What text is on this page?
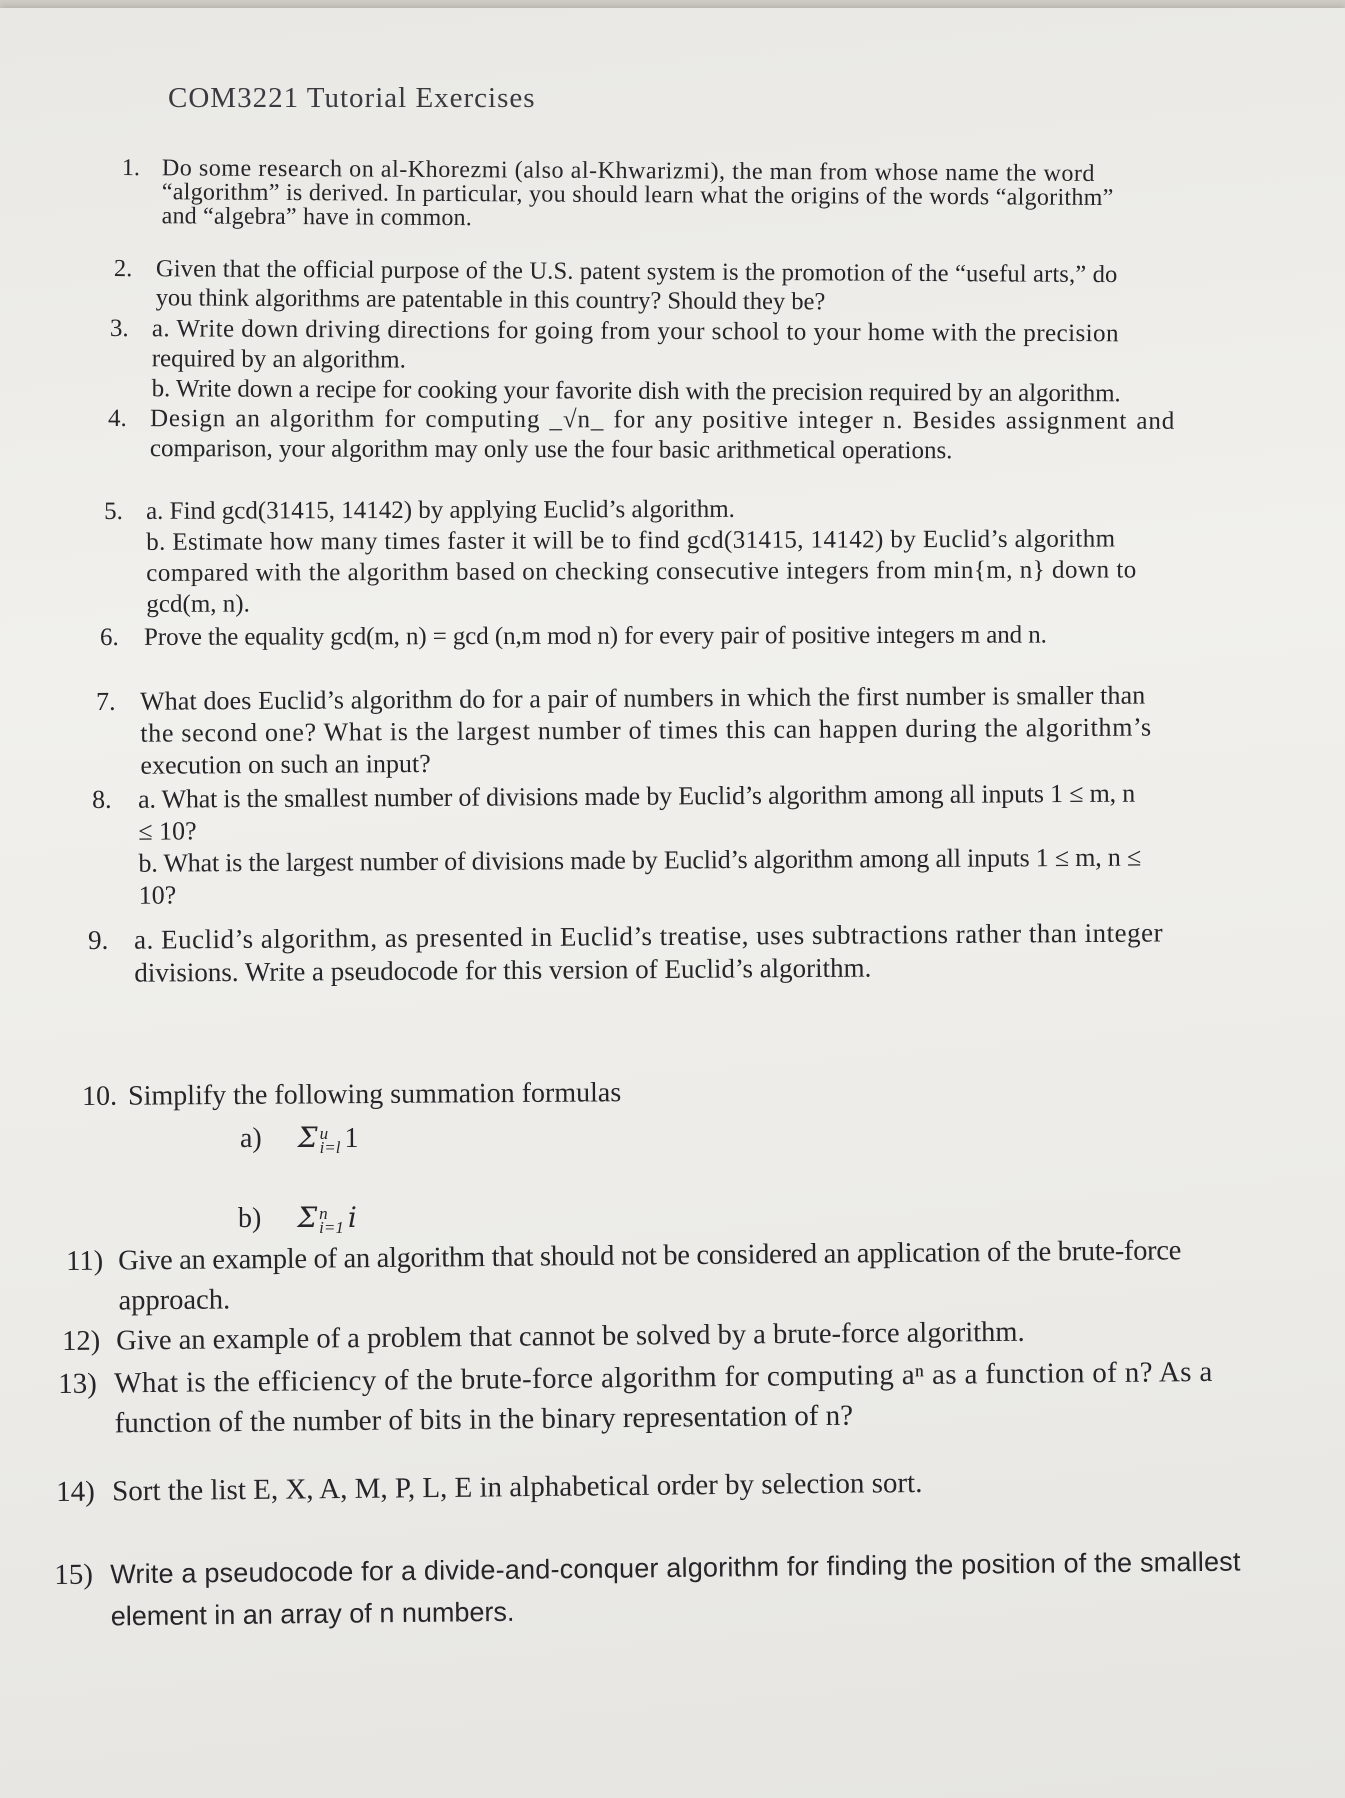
COM3221 Tutorial Exercises
1. Do some research on al-Khorezmi (also al-Khwarizmi), the man from whose name the word
“algorithm” is derived. In particular, you should learn what the origins of the words “algorithm”
and “algebra” have in common.
2. Given that the official purpose of the U.S. patent system is the promotion of the “useful arts,” do
you think algorithms are patentable in this country? Should they be?
3. a. Write down driving directions for going from your school to your home with the precision
required by an algorithm.
b. Write down a recipe for cooking your favorite dish with the precision required by an algorithm.
4. Design an algorithm for computing _√n_ for any positive integer n. Besides assignment and
comparison, your algorithm may only use the four basic arithmetical operations.
5. a. Find gcd(31415, 14142) by applying Euclid’s algorithm.
b. Estimate how many times faster it will be to find gcd(31415, 14142) by Euclid’s algorithm
compared with the algorithm based on checking consecutive integers from min{m, n} down to
gcd(m, n).
6. Prove the equality gcd(m, n) = gcd (n,m mod n) for every pair of positive integers m and n.
7. What does Euclid’s algorithm do for a pair of numbers in which the first number is smaller than
the second one? What is the largest number of times this can happen during the algorithm’s
execution on such an input?
8. a. What is the smallest number of divisions made by Euclid’s algorithm among all inputs 1 ≤ m, n
≤ 10?
b. What is the largest number of divisions made by Euclid’s algorithm among all inputs 1 ≤ m, n ≤
10?
9. a. Euclid’s algorithm, as presented in Euclid’s treatise, uses subtractions rather than integer
divisions. Write a pseudocode for this version of Euclid’s algorithm.
10. Simplify the following summation formulas
a) Σ u
i=l 1
b) Σ n
i=1 i
11) Give an example of an algorithm that should not be considered an application of the brute-force
approach.
12) Give an example of a problem that cannot be solved by a brute-force algorithm.
13) What is the efficiency of the brute-force algorithm for computing aⁿ as a function of n? As a
function of the number of bits in the binary representation of n?
14) Sort the list E, X, A, M, P, L, E in alphabetical order by selection sort.
15) Write a pseudocode for a divide-and-conquer algorithm for finding the position of the smallest
element in an array of n numbers.
